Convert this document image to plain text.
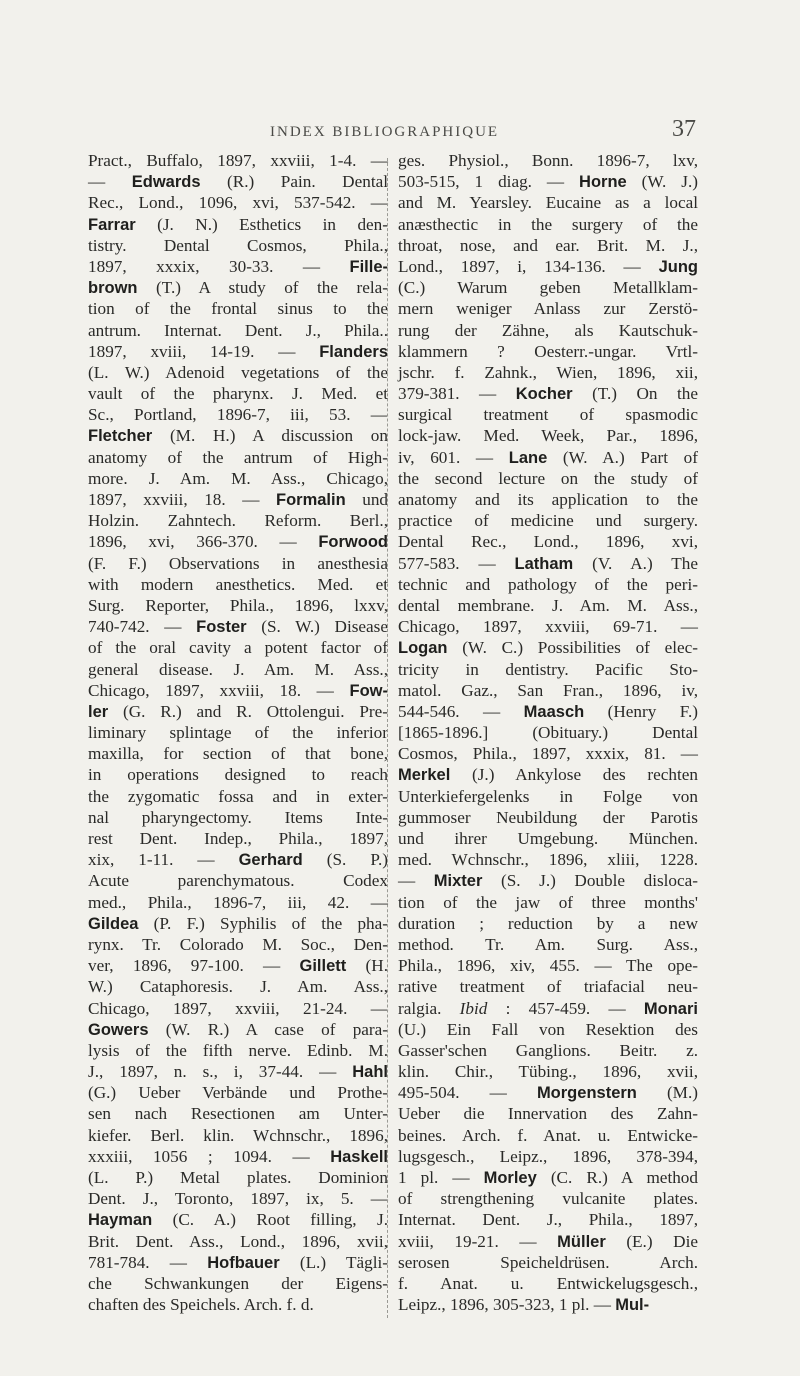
INDEX BIBLIOGRAPHIQUE	37
Pract., Buffalo, 1897, xxviii, 1-4. —
— Edwards (R.) Pain. Dental
Rec., Lond., 1096, xvi, 537-542. —
Farrar (J. N.) Esthetics in den-
tistry. Dental Cosmos, Phila.,
1897, xxxix, 30-33. — Fille-
brown (T.) A study of the rela-
tion of the frontal sinus to the
antrum. Internat. Dent. J., Phila..
1897, xviii, 14-19. — Flanders
(L. W.) Adenoid vegetations of the
vault of the pharynx. J. Med. et
Sc., Portland, 1896-7, iii, 53. —
Fletcher (M. H.) A discussion on
anatomy of the antrum of High-
more. J. Am. M. Ass., Chicago,
1897, xxviii, 18. — Formalin und
Holzin. Zahntech. Reform. Berl.,
1896, xvi, 366-370. — Forwood
(F. F.) Observations in anesthesia
with modern anesthetics. Med. et
Surg. Reporter, Phila., 1896, lxxv,
740-742. — Foster (S. W.) Disease
of the oral cavity a potent factor of
general disease. J. Am. M. Ass.,
Chicago, 1897, xxviii, 18. — Fow-
ler (G. R.) and R. Ottolengui. Pre-
liminary splintage of the inferior
maxilla, for section of that bone,
in operations designed to reach
the zygomatic fossa and in exter-
nal pharyngectomy. Items Inte-
rest Dent. Indep., Phila., 1897,
xix, 1-11. — Gerhard (S. P.)
Acute parenchymatous. Codex
med., Phila., 1896-7, iii, 42. —
Gildea (P. F.) Syphilis of the pha-
rynx. Tr. Colorado M. Soc., Den-
ver, 1896, 97-100. — Gillett (H.
W.) Cataphoresis. J. Am. Ass.,
Chicago, 1897, xxviii, 21-24. —
Gowers (W. R.) A case of para-
lysis of the fifth nerve. Edinb. M.
J., 1897, n. s., i, 37-44. — Hahl
(G.) Ueber Verbände und Prothe-
sen nach Resectionen am Unter-
kiefer. Berl. klin. Wchnschr., 1896,
xxxiii, 1056 ; 1094. — Haskell
(L. P.) Metal plates. Dominion
Dent. J., Toronto, 1897, ix, 5. —
Hayman (C. A.) Root filling, J.
Brit. Dent. Ass., Lond., 1896, xvii,
781-784. — Hofbauer (L.) Tägli-
che Schwankungen der Eigens-
chaften des Speichels. Arch. f. d.
ges. Physiol., Bonn. 1896-7, lxv,
503-515, 1 diag. — Horne (W. J.)
and M. Yearsley. Eucaine as a local
anæsthectic in the surgery of the
throat, nose, and ear. Brit. M. J.,
Lond., 1897, i, 134-136. — Jung
(C.) Warum geben Metallklam-
mern weniger Anlass zur Zerstö-
rung der Zähne, als Kautschuk-
klammern ? Oesterr.-ungar. Vrtl-
jschr. f. Zahnk., Wien, 1896, xii,
379-381. — Kocher (T.) On the
surgical treatment of spasmodic
lock-jaw. Med. Week, Par., 1896,
iv, 601. — Lane (W. A.) Part of
the second lecture on the study of
anatomy and its application to the
practice of medicine und surgery.
Dental Rec., Lond., 1896, xvi,
577-583. — Latham (V. A.) The
technic and pathology of the peri-
dental membrane. J. Am. M. Ass.,
Chicago, 1897, xxviii, 69-71. —
Logan (W. C.) Possibilities of elec-
tricity in dentistry. Pacific Sto-
matol. Gaz., San Fran., 1896, iv,
544-546. — Maasch (Henry F.)
[1865-1896.] (Obituary.) Dental
Cosmos, Phila., 1897, xxxix, 81. —
Merkel (J.) Ankylose des rechten
Unterkiefergelenks in Folge von
gummoser Neubildung der Parotis
und ihrer Umgebung. München.
med. Wchnschr., 1896, xliii, 1228.
— Mixter (S. J.) Double disloca-
tion of the jaw of three months'
duration ; reduction by a new
method. Tr. Am. Surg. Ass.,
Phila., 1896, xiv, 455. — The ope-
rative treatment of triafacial neu-
ralgia. Ibid : 457-459. — Monari
(U.) Ein Fall von Resektion des
Gasser'schen Ganglions. Beitr. z.
klin. Chir., Tübing., 1896, xvii,
495-504. — Morgenstern (M.)
Ueber die Innervation des Zahn-
beines. Arch. f. Anat. u. Entwicke-
lugsgesch., Leipz., 1896, 378-394,
1 pl. — Morley (C. R.) A method
of strengthening vulcanite plates.
Internat. Dent. J., Phila., 1897,
xviii, 19-21. — Müller (E.) Die
serosen Speicheldrüsen. Arch.
f. Anat. u. Entwickelugsgesch.,
Leipz., 1896, 305-323, 1 pl. — Mul-
